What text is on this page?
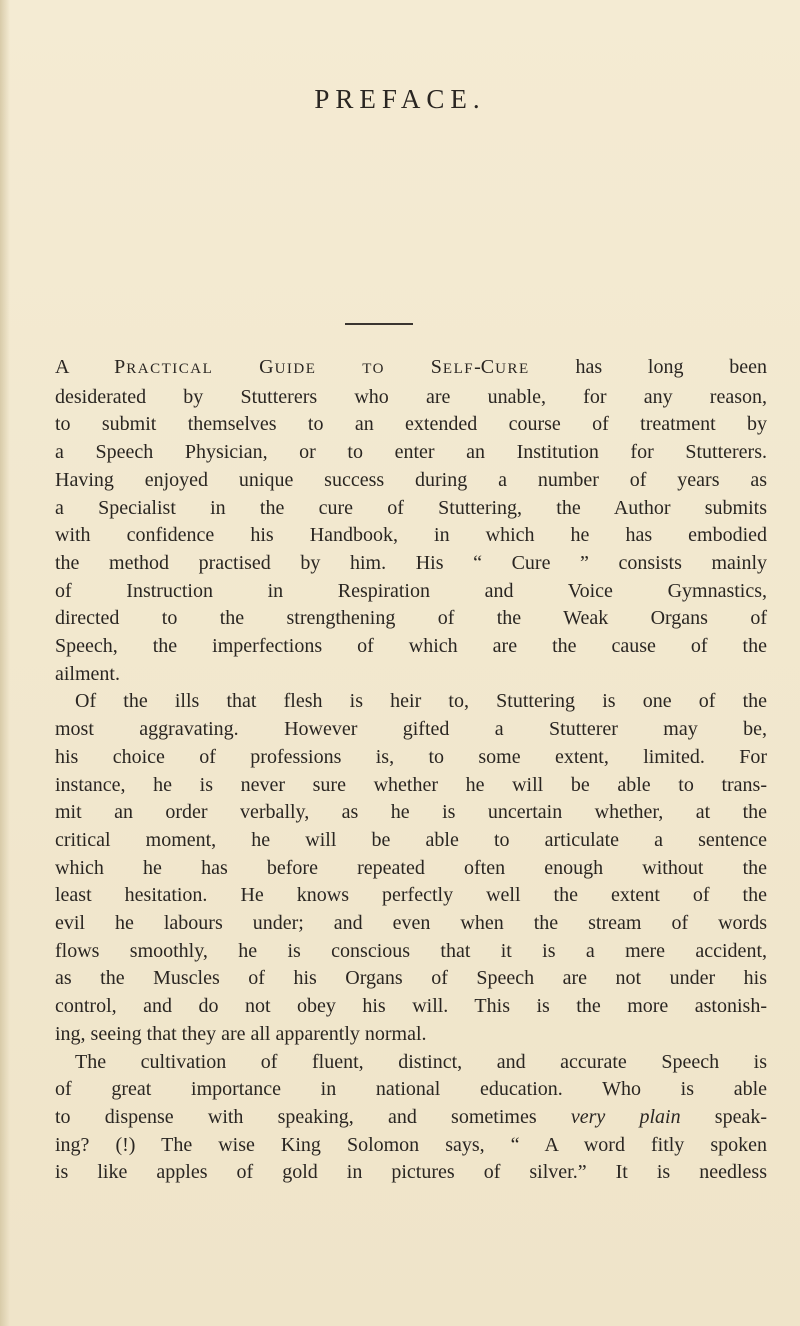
PREFACE.
A PRACTICAL GUIDE	TO SELF-CURE has long been
desiderated by Stutterers who are unable, for any reason,
to submit themselves to an extended course of treatment by
a Speech Physician, or to enter an Institution for Stutterers.
Having enjoyed unique success during a number of years as
a Specialist in the cure of Stuttering, the Author submits
with confidence his Handbook, in which he has embodied
the method practised by him. His “ Cure ” consists mainly
of Instruction in Respiration and Voice Gymnastics,
directed to the strengthening of the Weak Organs of
Speech, the imperfections of which are the cause of the
ailment.
Of the ills that flesh is heir to, Stuttering is one of the
most aggravating. However gifted a Stutterer may be,
his choice of professions is, to some extent, limited. For
instance, he is never sure whether he will be able to trans-
mit an order verbally, as he is uncertain whether, at the
critical moment, he will be able to articulate a sentence
which he has before repeated often enough without the
least hesitation. He knows perfectly well the extent of the
evil he labours under; and even when the stream of words
flows smoothly, he is conscious that it is a mere accident,
as the Muscles of his Organs of Speech are not under his
control, and do not obey his will. This is the more astonish-
ing, seeing that they are all apparently normal.
The cultivation of fluent, distinct, and accurate Speech is
of great importance in national education. Who is able
to dispense with speaking, and sometimes very plain speak-
ing? (!) The wise King Solomon says, “ A word fitly spoken
is like apples of gold in pictures of silver.” It is needless
